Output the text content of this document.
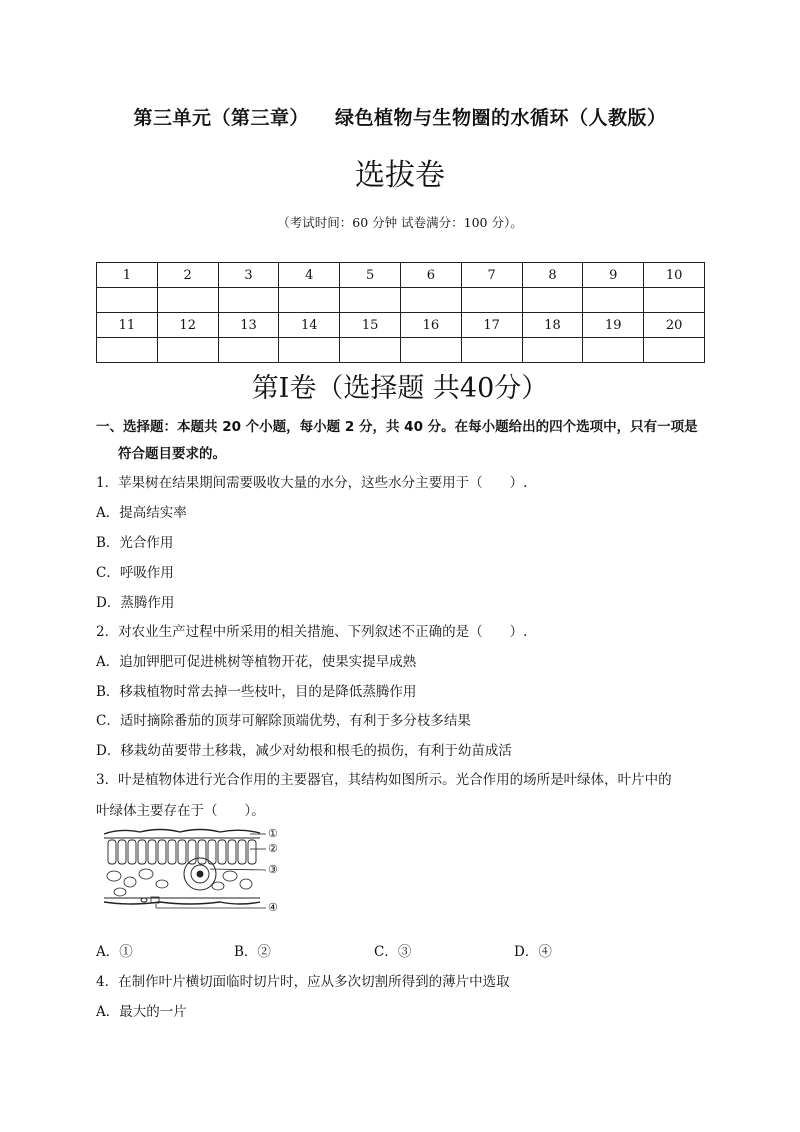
第三单元（第三章） 绿色植物与生物圈的水循环（人教版）
选拔卷
（考试时间：60 分钟 试卷满分：100 分）。
1	2	3	4	5	6	7	8	9	10

11	12	13	14	15	16	17	18	19	20

第Ⅰ卷（选择题 共40分）
一、选择题：本题共 20 个小题，每小题 2 分，共 40 分。在每小题给出的四个选项中，只有一项是
符合题目要求的。
1．苹果树在结果期间需要吸收大量的水分，这些水分主要用于（　　）.
A．提高结实率
B．光合作用
C．呼吸作用
D．蒸腾作用
2．对农业生产过程中所采用的相关措施、下列叙述不正确的是（　　）.
A．追加钾肥可促进桃树等植物开花，使果实提早成熟
B．移栽植物时常去掉一些枝叶，目的是降低蒸腾作用
C．适时摘除番茄的顶芽可解除顶端优势，有利于多分枝多结果
D．移栽幼苗要带土移栽，减少对幼根和根毛的损伤，有利于幼苗成活
3．叶是植物体进行光合作用的主要器官，其结构如图所示。光合作用的场所是叶绿体，叶片中的
叶绿体主要存在于（　　）。
①
②
③
④
A．①	B．②	C．③	D．④
4．在制作叶片横切面临时切片时，应从多次切割所得到的薄片中选取
A．最大的一片
